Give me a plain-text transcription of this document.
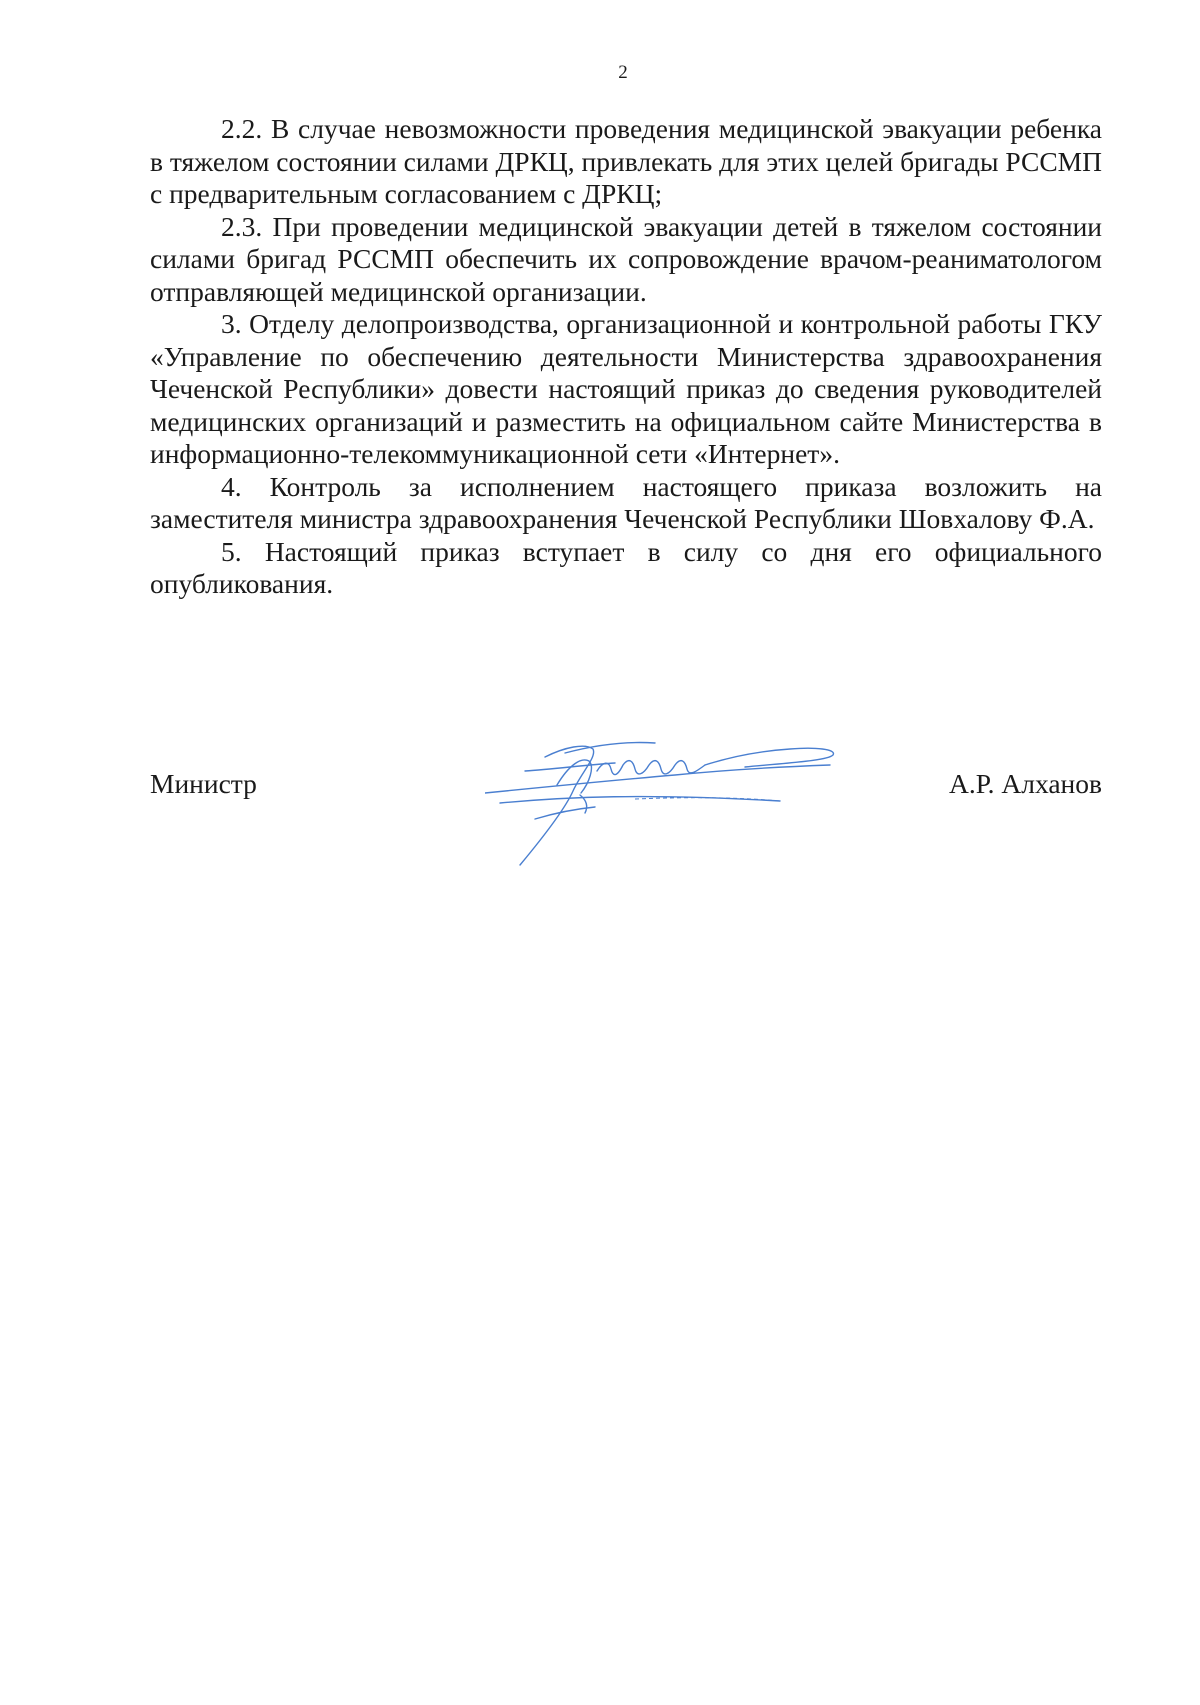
2

2.2. В случае невозможности проведения медицинской эвакуации ребенка в тяжелом состоянии силами ДРКЦ, привлекать для этих целей бригады РССМП с предварительным согласованием с ДРКЦ;

2.3. При проведении медицинской эвакуации детей в тяжелом состоянии силами бригад РССМП обеспечить их сопровождение врачом-реаниматологом отправляющей медицинской организации.

3. Отделу делопроизводства, организационной и контрольной работы ГКУ «Управление по обеспечению деятельности Министерства здравоохранения Чеченской Республики» довести настоящий приказ до сведения руководителей медицинских организаций и разместить на официальном сайте Министерства в информационно-телекоммуникационной сети «Интернет».

4. Контроль за исполнением настоящего приказа возложить на заместителя министра здравоохранения Чеченской Республики Шовхалову Ф.А.

5. Настоящий приказ вступает в силу со дня его официального опубликования.

Министр	А.Р. Алханов
